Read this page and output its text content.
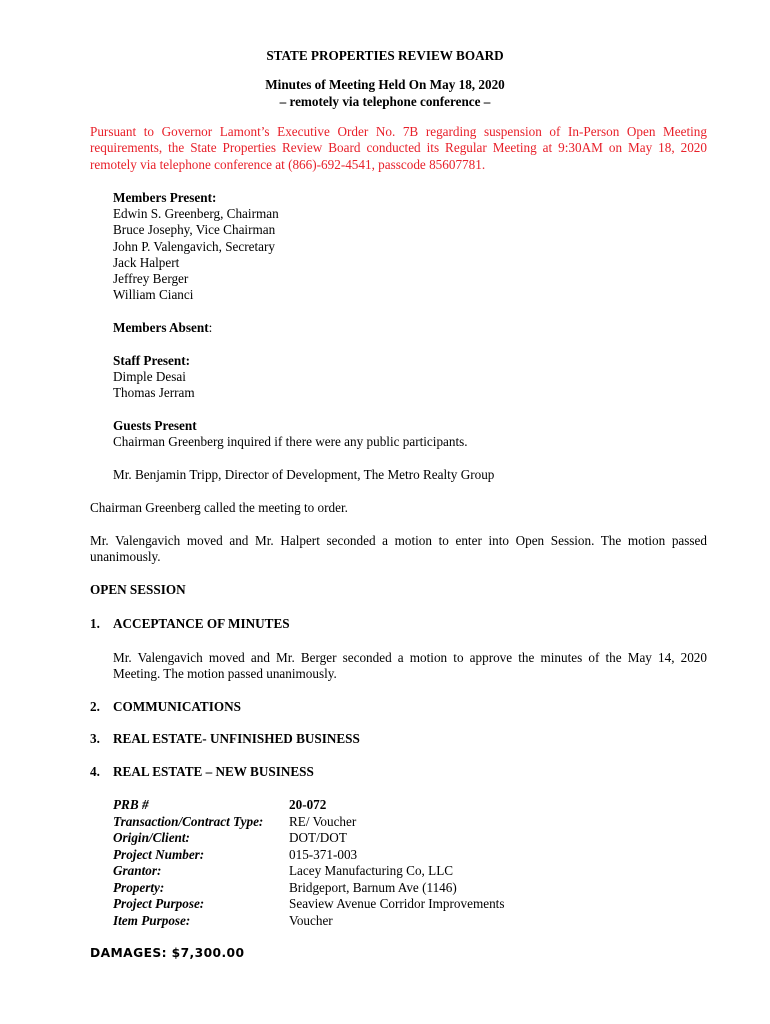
STATE PROPERTIES REVIEW BOARD
Minutes of Meeting Held On May 18, 2020
– remotely via telephone conference –
Pursuant to Governor Lamont’s Executive Order No. 7B regarding suspension of In-Person Open Meeting requirements, the State Properties Review Board conducted its Regular Meeting at 9:30AM on May 18, 2020 remotely via telephone conference at (866)-692-4541, passcode 85607781.
Members Present:
Edwin S. Greenberg, Chairman
Bruce Josephy, Vice Chairman
John P. Valengavich, Secretary
Jack Halpert
Jeffrey Berger
William Cianci
Members Absent:
Staff Present:
Dimple Desai
Thomas Jerram
Guests Present
Chairman Greenberg inquired if there were any public participants.
Mr. Benjamin Tripp, Director of Development, The Metro Realty Group
Chairman Greenberg called the meeting to order.
Mr. Valengavich moved and Mr. Halpert seconded a motion to enter into Open Session. The motion passed unanimously.
OPEN SESSION
1. ACCEPTANCE OF MINUTES
Mr. Valengavich moved and Mr. Berger seconded a motion to approve the minutes of the May 14, 2020 Meeting. The motion passed unanimously.
2. COMMUNICATIONS
3. REAL ESTATE- UNFINISHED BUSINESS
4. REAL ESTATE – NEW BUSINESS
PRB #	20-072
Transaction/Contract Type: RE/ Voucher
Origin/Client:	DOT/DOT
Project Number:	015-371-003
Grantor:	Lacey Manufacturing Co, LLC
Property:	Bridgeport, Barnum Ave (1146)
Project Purpose:	Seaview Avenue Corridor Improvements
Item Purpose:	Voucher
DAMAGES: $7,300.00
